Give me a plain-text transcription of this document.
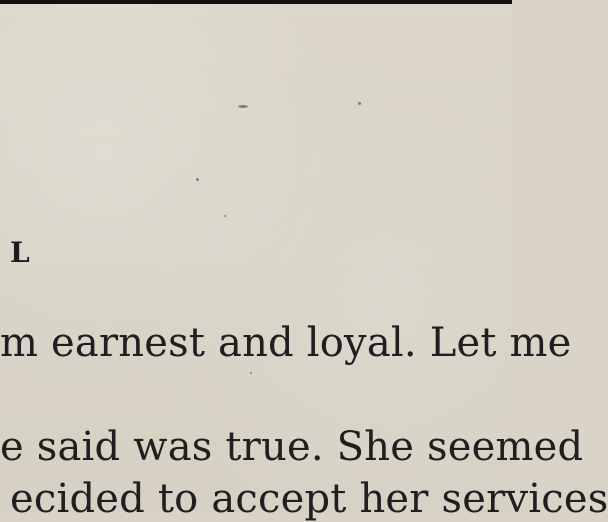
L
m earnest and loyal. Let me
e said was true. She seemed
ecided to accept her services
